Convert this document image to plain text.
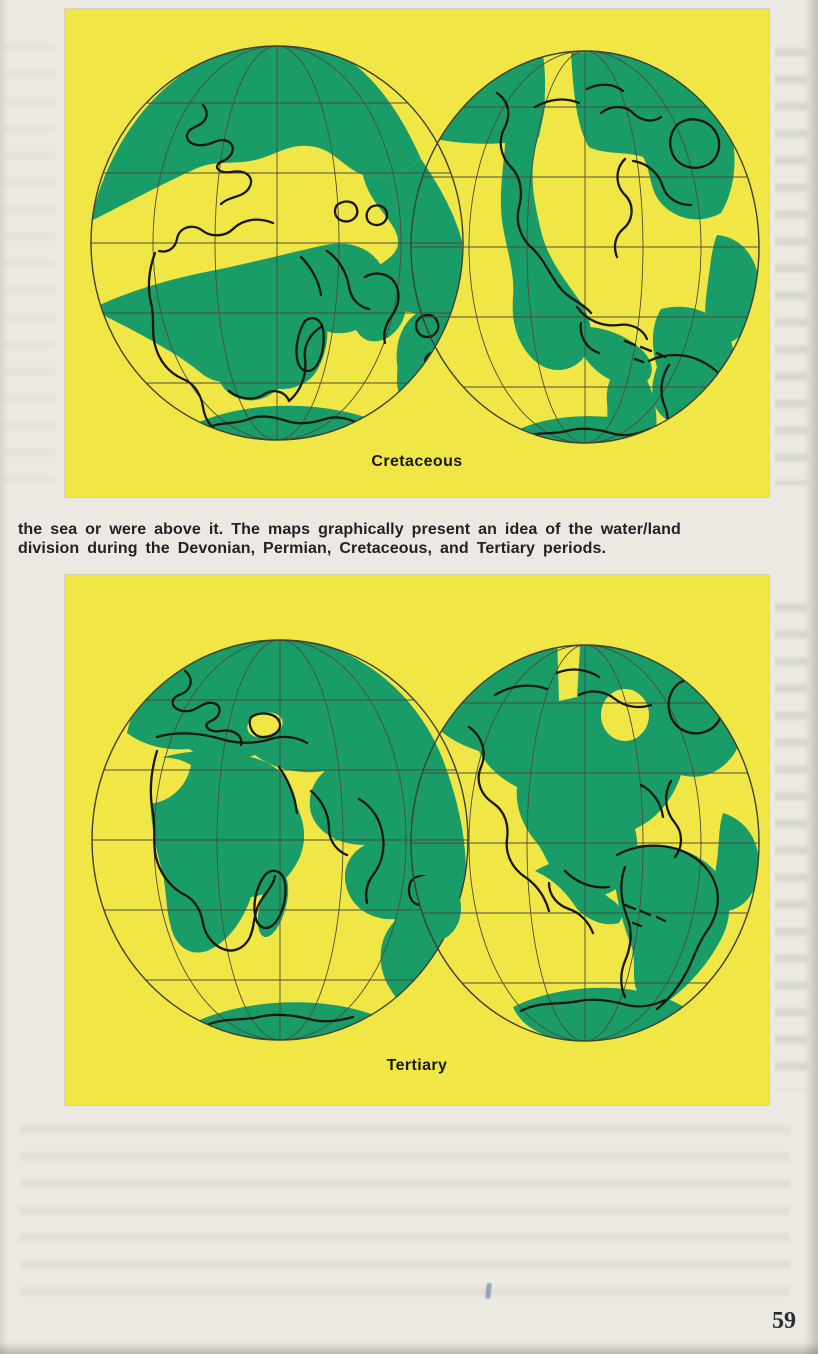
Cretaceous

the sea or were above it. The maps graphically present an idea of the water/land
division during the Devonian, Permian, Cretaceous, and Tertiary periods.

Tertiary
59
